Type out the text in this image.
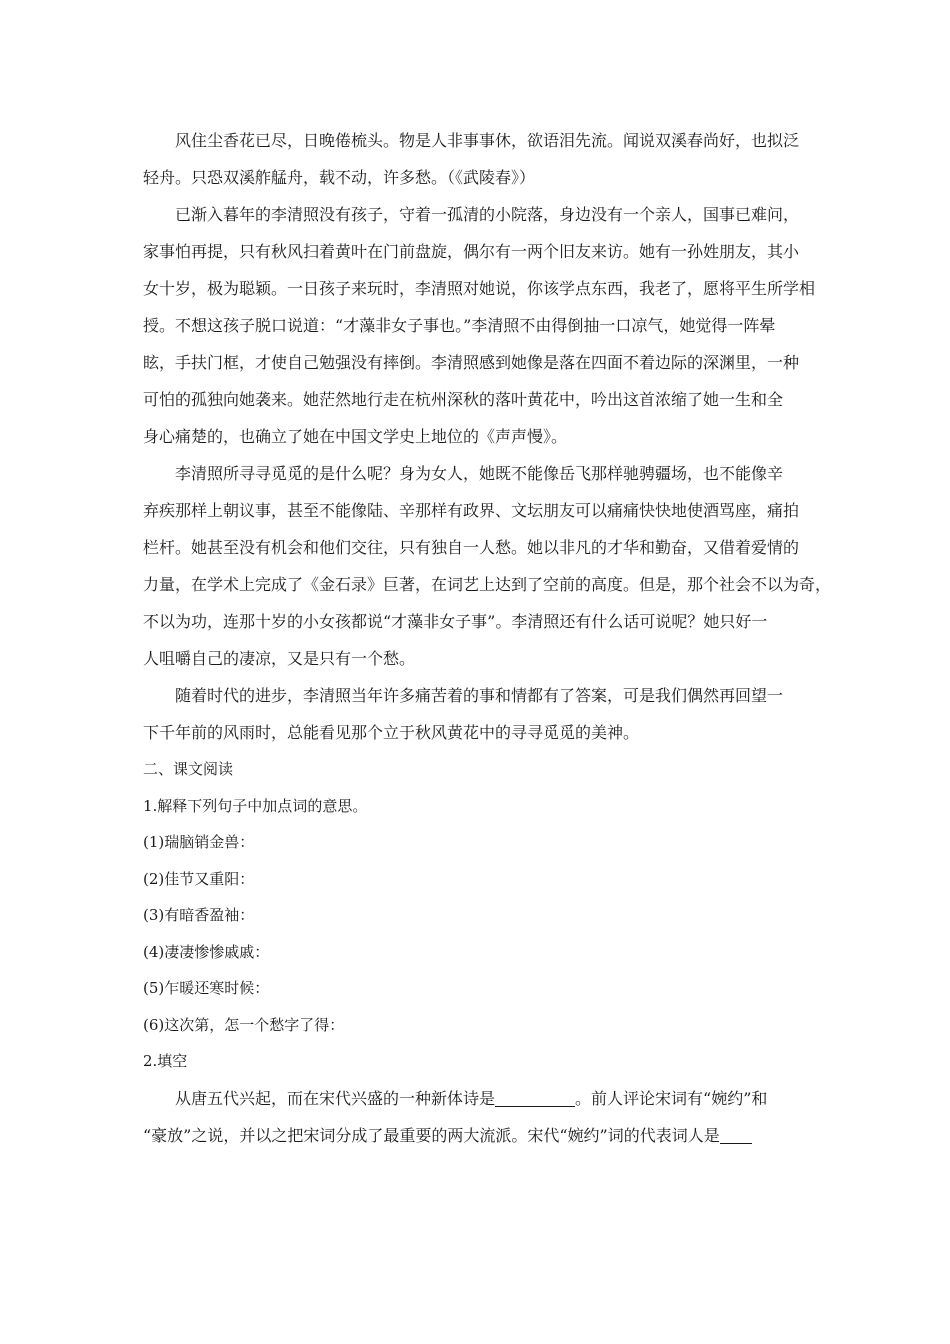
风住尘香花已尽，日晚倦梳头。物是人非事事休，欲语泪先流。闻说双溪春尚好，也拟泛
轻舟。只恐双溪舴艋舟，载不动，许多愁。（《武陵春》）
已渐入暮年的李清照没有孩子，守着一孤清的小院落，身边没有一个亲人，国事已难问，
家事怕再提，只有秋风扫着黄叶在门前盘旋，偶尔有一两个旧友来访。她有一孙姓朋友，其小
女十岁，极为聪颖。一日孩子来玩时，李清照对她说，你该学点东西，我老了，愿将平生所学相
授。不想这孩子脱口说道：“才藻非女子事也。”李清照不由得倒抽一口凉气，她觉得一阵晕
眩，手扶门框，才使自己勉强没有摔倒。李清照感到她像是落在四面不着边际的深渊里，一种
可怕的孤独向她袭来。她茫然地行走在杭州深秋的落叶黄花中，吟出这首浓缩了她一生和全
身心痛楚的，也确立了她在中国文学史上地位的《声声慢》。
李清照所寻寻觅觅的是什么呢？身为女人，她既不能像岳飞那样驰骋疆场，也不能像辛
弃疾那样上朝议事，甚至不能像陆、辛那样有政界、文坛朋友可以痛痛快快地使酒骂座，痛拍
栏杆。她甚至没有机会和他们交往，只有独自一人愁。她以非凡的才华和勤奋，又借着爱情的
力量，在学术上完成了《金石录》巨著，在词艺上达到了空前的高度。但是，那个社会不以为奇，
不以为功，连那十岁的小女孩都说“才藻非女子事”。李清照还有什么话可说呢？她只好一
人咀嚼自己的凄凉，又是只有一个愁。
随着时代的进步，李清照当年许多痛苦着的事和情都有了答案，可是我们偶然再回望一
下千年前的风雨时，总能看见那个立于秋风黄花中的寻寻觅觅的美神。
二、课文阅读
1.解释下列句子中加点词的意思。
(1)瑞脑销金兽：
(2)佳节又重阳：
(3)有暗香盈袖：
(4)凄凄惨惨戚戚：
(5)乍暖还寒时候：
(6)这次第，怎一个愁字了得：
2.填空
从唐五代兴起，而在宋代兴盛的一种新体诗是	。前人评论宋词有“婉约”和
“豪放”之说，并以之把宋词分成了最重要的两大流派。宋代“婉约”词的代表词人是
